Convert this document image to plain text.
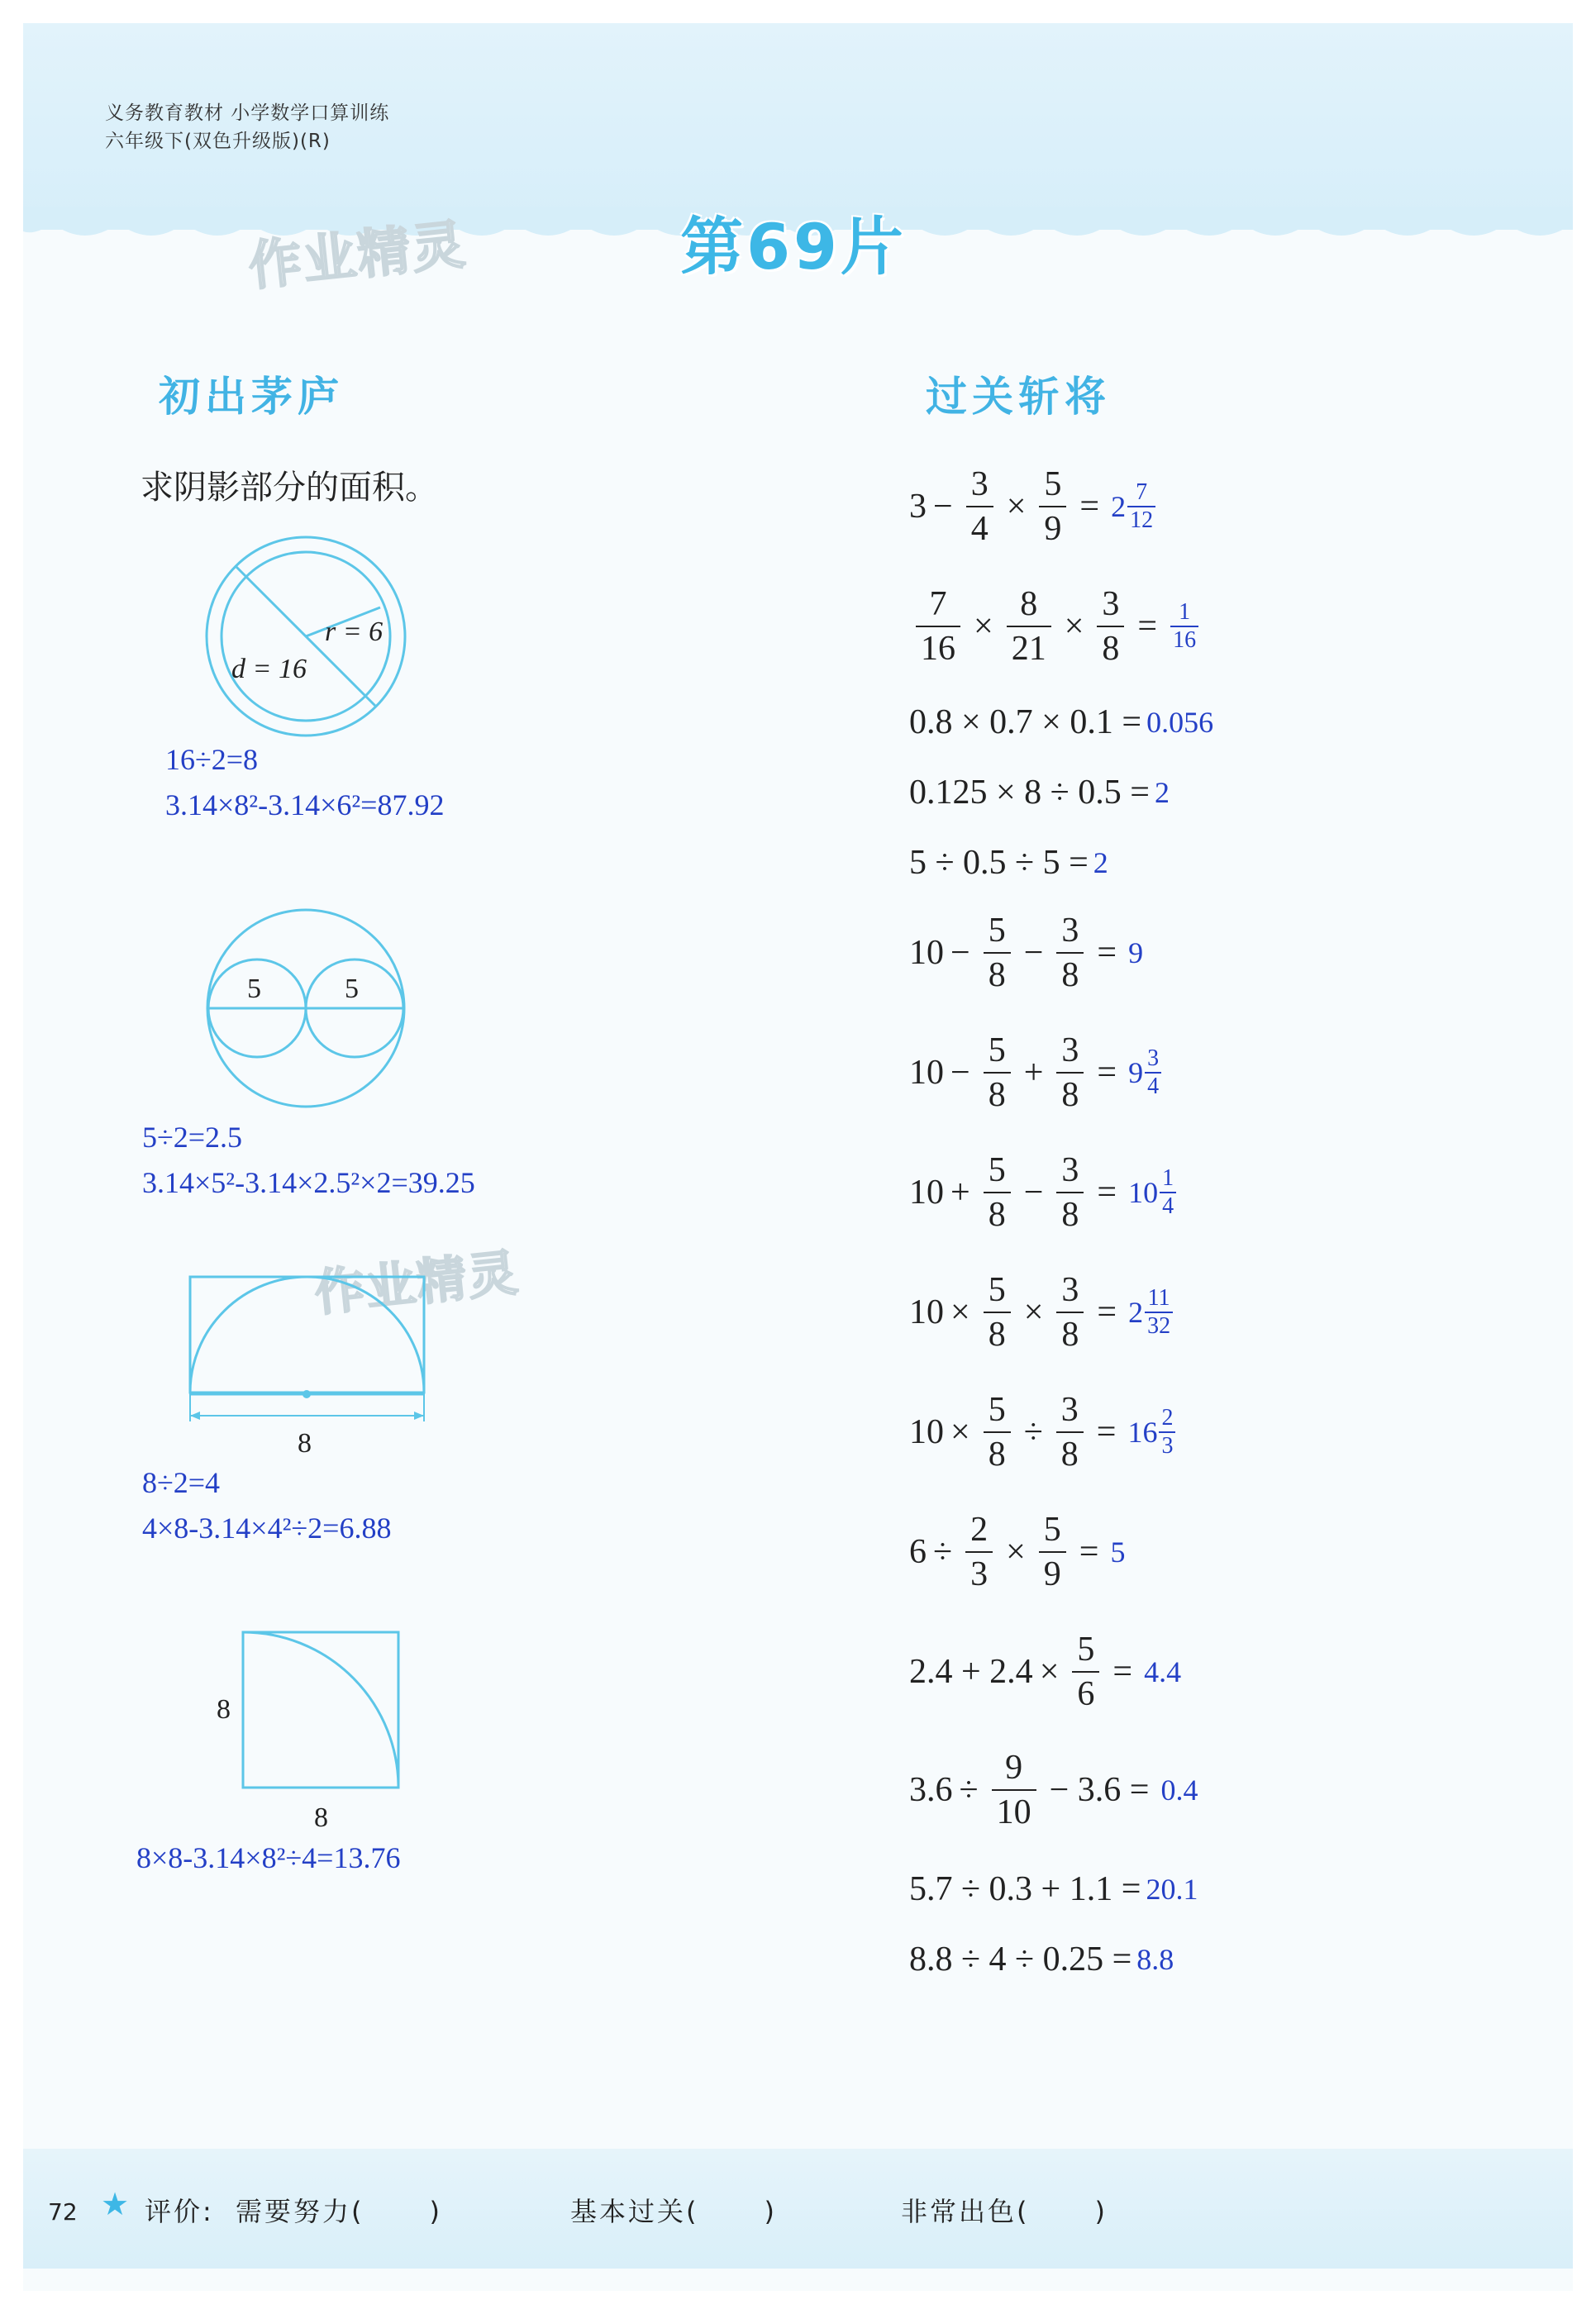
义务教育教材 小学数学口算训练
六年级下(双色升级版)(R)
第69片
作业精灵
作业精灵
初出茅庐
求阴影部分的面积。
r = 6
d = 16
16÷2=8
3.14×8²-3.14×6²=87.92
5	5
5÷2=2.5
3.14×5²-3.14×2.5²×2=39.25
8
8÷2=4
4×8-3.14×4²÷2=6.88
8
8
8×8-3.14×8²÷4=13.76
过关斩将
$3 - \frac{3}{4} \times \frac{5}{9} = 2 \frac{7}{12}$
$\frac{7}{16} \times \frac{8}{21} \times \frac{3}{8} = \frac{1}{16}$
0.8 × 0.7 × 0.1 = 0.056
0.125 × 8 ÷ 0.5 = 2
5 ÷ 0.5 ÷ 5 = 2
$10 - \frac{5}{8} - \frac{3}{8} = 9$
$10 - \frac{5}{8} + \frac{3}{8} = 9 \frac{3}{4}$
$10 + \frac{5}{8} - \frac{3}{8} = 10 \frac{1}{4}$
$10 \times \frac{5}{8} \times \frac{3}{8} = 2 \frac{11}{32}$
$10 \times \frac{5}{8} \div \frac{3}{8} = 16 \frac{2}{3}$
$6 \div \frac{2}{3} \times \frac{5}{9} = 5$
$2.4 + 2.4 \times \frac{5}{6} = 4.4$
$3.6 \div \frac{9}{10} - 3.6 = 0.4$
5.7 ÷ 0.3 + 1.1 = 20.1
8.8 ÷ 4 ÷ 0.25 = 8.8
72 ★ 评价: 需要努力(      )	基本过关(      )	非常出色(      )
